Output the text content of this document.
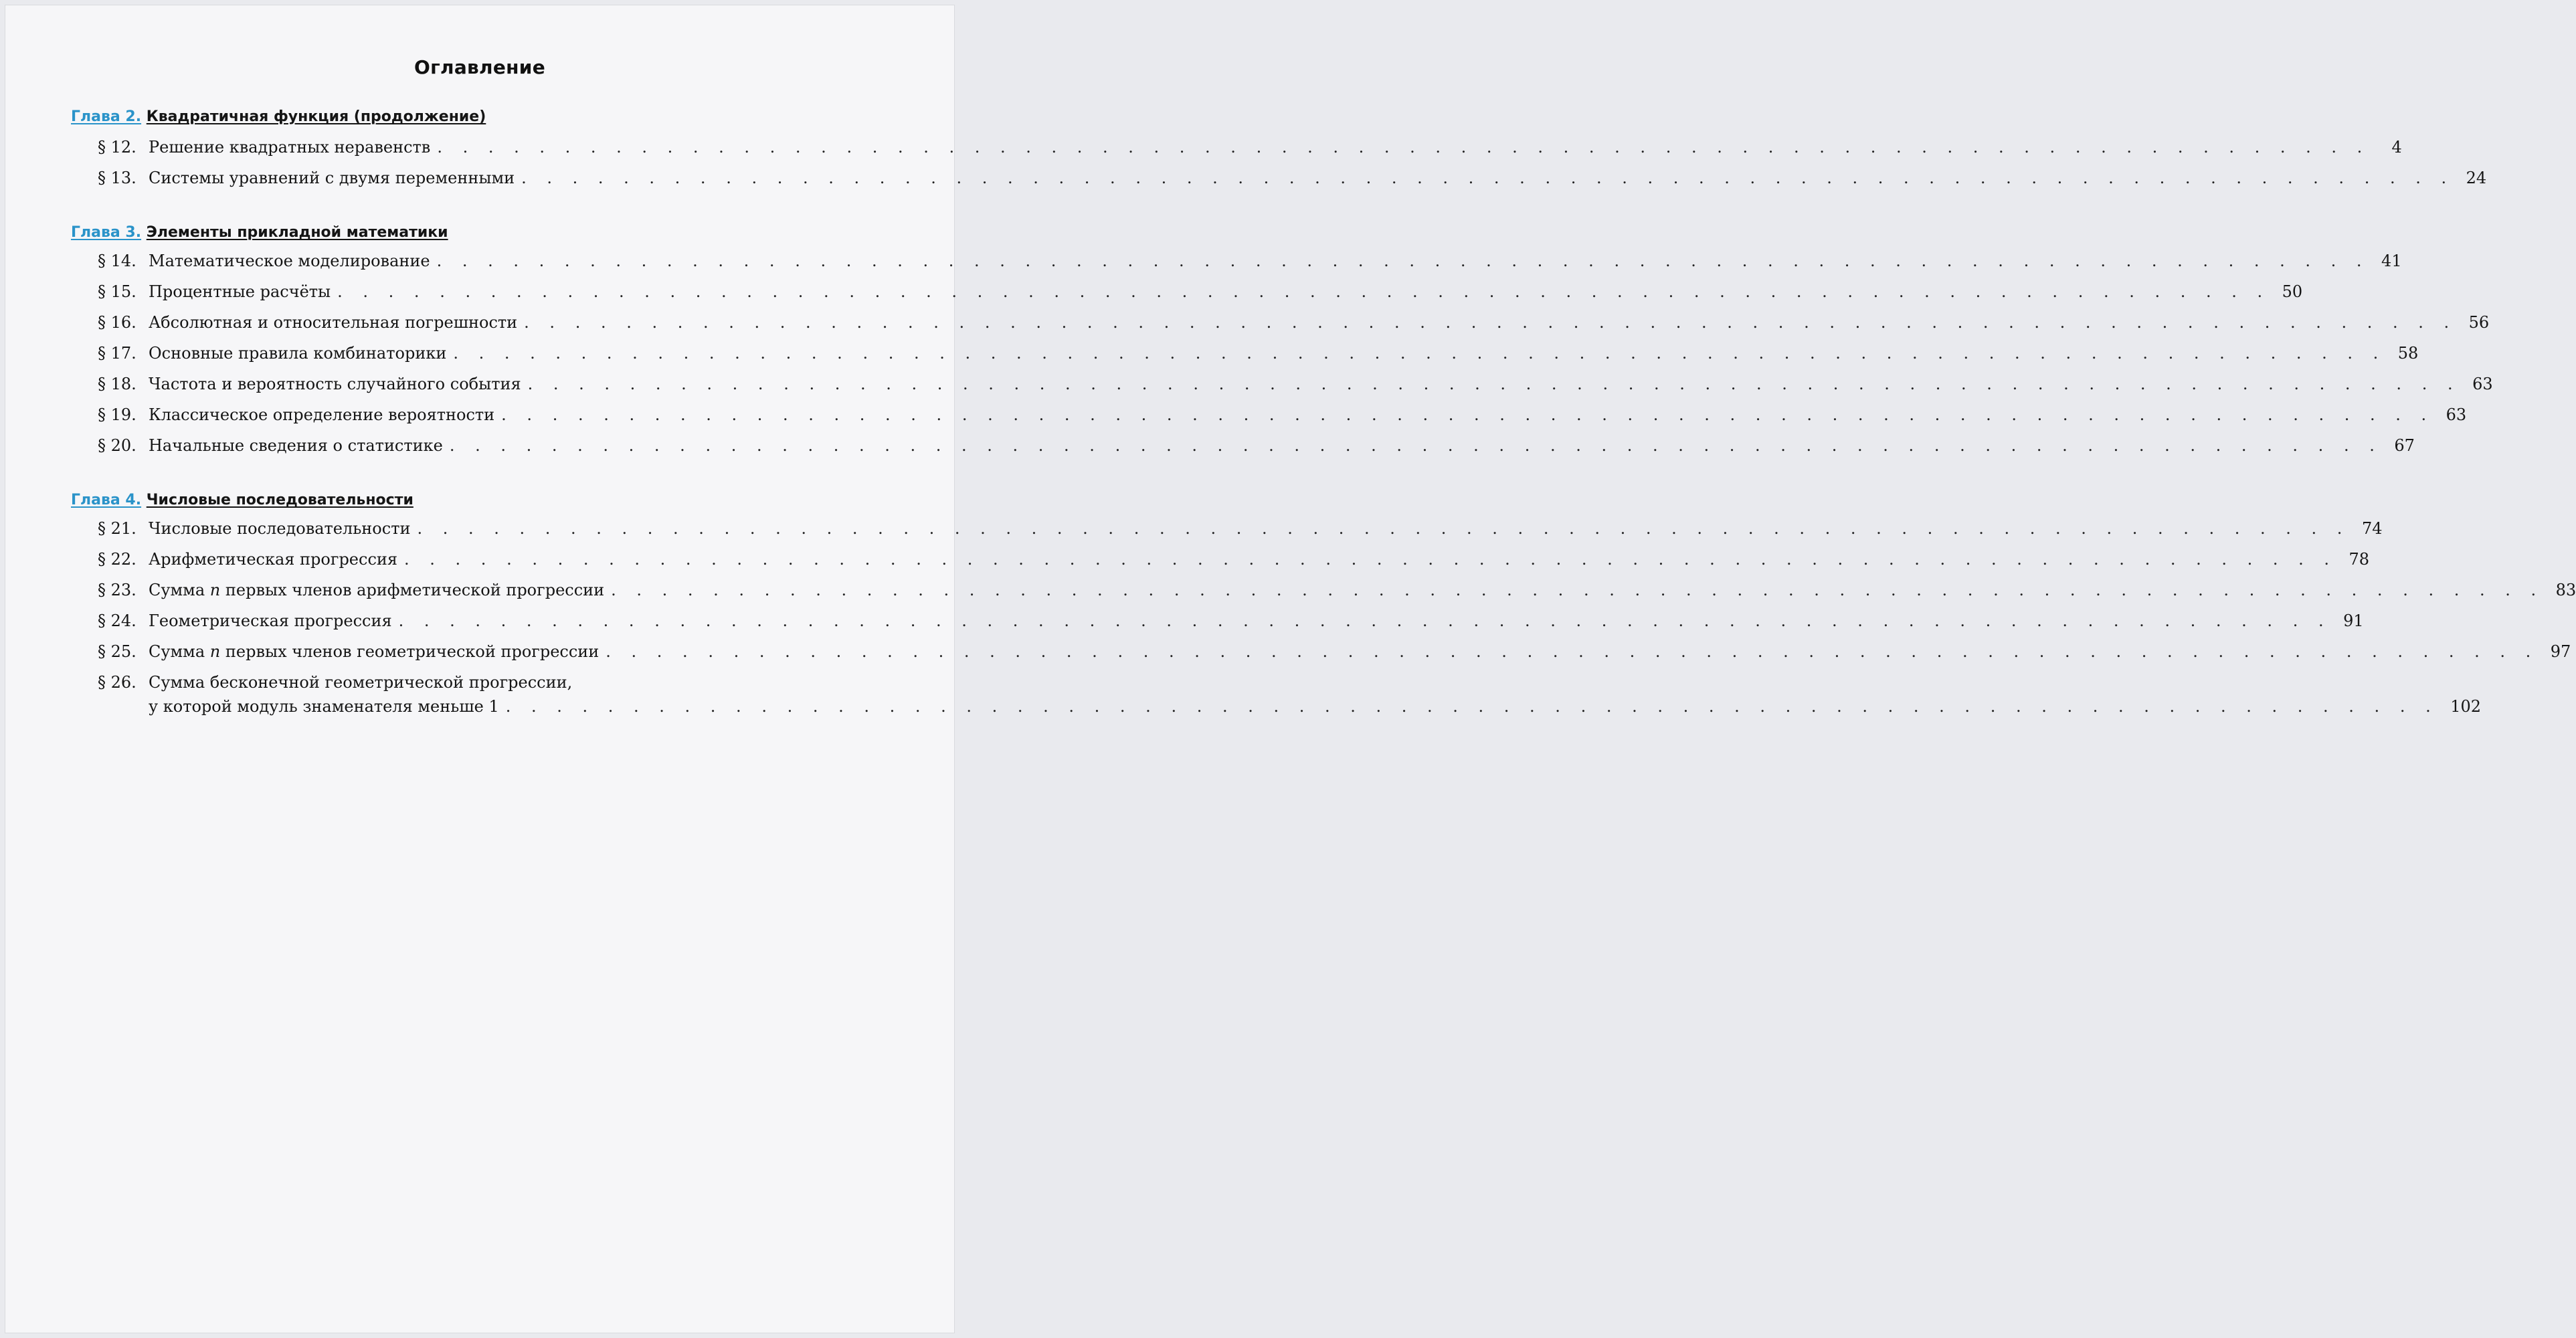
Оглавление
Глава 2. Квадратичная функция (продолжение)
§ 12. Решение квадратных неравенств . . . . . . . . . . . . . . . . . . . . . . . . . . . . . . . . . . . . . . . . . . . . . . . . . . . . . . . . . . . . . . . . . . . . . . . . . . . .	4
§ 13. Системы уравнений с двумя переменными . . . . . . . . . . . . . . . . . . . . . . . . . . . . . . . . . . . . . . . . . . . . . . . . . . . . . . . . . . . . . . . . . . . . . . . . . . . . 24
Глава 3. Элементы прикладной математики
§ 14. Математическое моделирование . . . . . . . . . . . . . . . . . . . . . . . . . . . . . . . . . . . . . . . . . . . . . . . . . . . . . . . . . . . . . . . . . . . . . . . . . . . . 41
§ 15. Процентные расчёты . . . . . . . . . . . . . . . . . . . . . . . . . . . . . . . . . . . . . . . . . . . . . . . . . . . . . . . . . . . . . . . . . . . . . . . . . . . . 50
§ 16. Абсолютная и относительная погрешности . . . . . . . . . . . . . . . . . . . . . . . . . . . . . . . . . . . . . . . . . . . . . . . . . . . . . . . . . . . . . . . . . . . . . . . . . . . . 56
§ 17. Основные правила комбинаторики . . . . . . . . . . . . . . . . . . . . . . . . . . . . . . . . . . . . . . . . . . . . . . . . . . . . . . . . . . . . . . . . . . . . . . . . . . . . 58
§ 18. Частота и вероятность случайного события . . . . . . . . . . . . . . . . . . . . . . . . . . . . . . . . . . . . . . . . . . . . . . . . . . . . . . . . . . . . . . . . . . . . . . . . . . . . 63
§ 19. Классическое определение вероятности . . . . . . . . . . . . . . . . . . . . . . . . . . . . . . . . . . . . . . . . . . . . . . . . . . . . . . . . . . . . . . . . . . . . . . . . . . . . 63
§ 20. Начальные сведения о статистике . . . . . . . . . . . . . . . . . . . . . . . . . . . . . . . . . . . . . . . . . . . . . . . . . . . . . . . . . . . . . . . . . . . . . . . . . . . . 67
Глава 4. Числовые последовательности
§ 21. Числовые последовательности . . . . . . . . . . . . . . . . . . . . . . . . . . . . . . . . . . . . . . . . . . . . . . . . . . . . . . . . . . . . . . . . . . . . . . . . . . . . 74
§ 22. Арифметическая прогрессия . . . . . . . . . . . . . . . . . . . . . . . . . . . . . . . . . . . . . . . . . . . . . . . . . . . . . . . . . . . . . . . . . . . . . . . . . . . . 78
§ 23. Сумма n первых членов арифметической прогрессии . . . . . . . . . . . . . . . . . . . . . . . . . . . . . . . . . . . . . . . . . . . . . . . . . . . . . . . . . . . . . . . . . . . . . . . . . . . . 83
§ 24. Геометрическая прогрессия . . . . . . . . . . . . . . . . . . . . . . . . . . . . . . . . . . . . . . . . . . . . . . . . . . . . . . . . . . . . . . . . . . . . . . . . . . . . 91
§ 25. Сумма n первых членов геометрической прогрессии . . . . . . . . . . . . . . . . . . . . . . . . . . . . . . . . . . . . . . . . . . . . . . . . . . . . . . . . . . . . . . . . . . . . . . . . . . . . 97
§ 26. Сумма бесконечной геометрической прогрессии,
у которой модуль знаменателя меньше 1 . . . . . . . . . . . . . . . . . . . . . . . . . . . . . . . . . . . . . . . . . . . . . . . . . . . . . . . . . . . . . . . . . . . . . . . . . . . . 102
